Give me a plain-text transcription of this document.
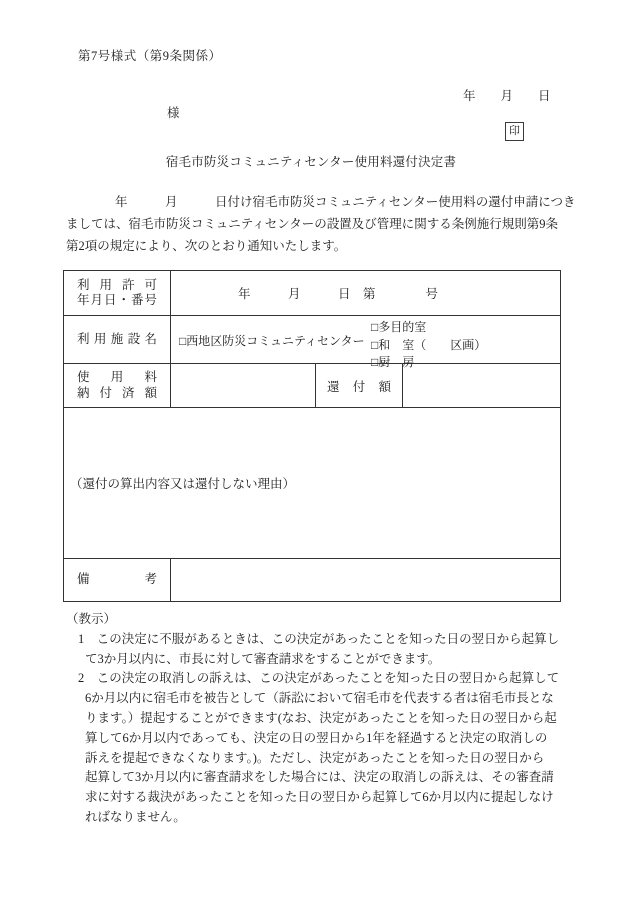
第7号様式（第9条関係）
年　　月　　日
様
印
宿毛市防災コミュニティセンター使用料還付決定書
年　　　月　　　日付け宿毛市防災コミュニティセンター使用料の還付申請につき
ましては、宿毛市防災コミュニティセンターの設置及び管理に関する条例施行規則第9条
第2項の規定により、次のとおり通知いたします。
利用許可
年月日・番号	年　　　月　　　日　第　　　　号		

利用施設名	□西地区防災コミュニティセンター
□多目的室
□和　室（　　区画）
□厨　房		

使用料
納付済額		還付額	

（還付の算出内容又は還付しない理由）			

備考			

（教示）
1　この決定に不服があるときは、この決定があったことを知った日の翌日から起算し
て3か月以内に、市長に対して審査請求をすることができます。
2　この決定の取消しの訴えは、この決定があったことを知った日の翌日から起算して
6か月以内に宿毛市を被告として（訴訟において宿毛市を代表する者は宿毛市長とな
ります。）提起することができます(なお、決定があったことを知った日の翌日から起
算して6か月以内であっても、決定の日の翌日から1年を経過すると決定の取消しの
訴えを提起できなくなります。)。ただし、決定があったことを知った日の翌日から
起算して3か月以内に審査請求をした場合には、決定の取消しの訴えは、その審査請
求に対する裁決があったことを知った日の翌日から起算して6か月以内に提起しなけ
ればなりません。
